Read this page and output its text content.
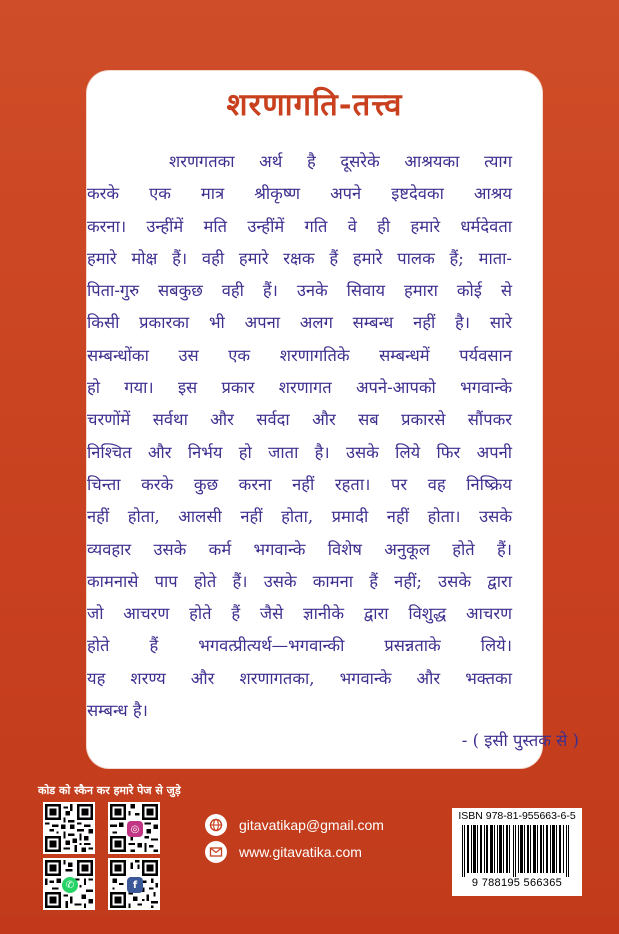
शरणागति-तत्त्व
शरणगतका अर्थ है दूसरेके आश्रयका त्याग
करके एक मात्र श्रीकृष्ण अपने इष्टदेवका आश्रय
करना। उन्हींमें मति उन्हींमें गति वे ही हमारे धर्मदेवता
हमारे मोक्ष हैं। वही हमारे रक्षक हैं हमारे पालक हैं; माता-
पिता-गुरु सबकुछ वही हैं। उनके सिवाय हमारा कोई से
किसी प्रकारका भी अपना अलग सम्बन्ध नहीं है। सारे
सम्बन्धोंका उस एक शरणागतिके सम्बन्धमें पर्यवसान
हो गया। इस प्रकार शरणागत अपने-आपको भगवान्के
चरणोंमें सर्वथा और सर्वदा और सब प्रकारसे सौंपकर
निश्चित और निर्भय हो जाता है। उसके लिये फिर अपनी
चिन्ता करके कुछ करना नहीं रहता। पर वह निष्क्रिय
नहीं होता, आलसी नहीं होता, प्रमादी नहीं होता। उसके
व्यवहार उसके कर्म भगवान्के विशेष अनुकूल होते हैं।
कामनासे पाप होते हैं। उसके कामना हैं नहीं; उसके द्वारा
जो आचरण होते हैं जैसे ज्ञानीके द्वारा विशुद्ध आचरण
होते हैं भगवत्प्रीत्यर्थ—भगवान्की प्रसन्नताके लिये।
यह शरण्य और शरणागतका, भगवान्के और भक्तका
सम्बन्ध है।
- ( इसी पुस्तक से )
कोड को स्कैन कर हमारे पेज से जुड़े
◎
✆	f
gitavatikap@gmail.com
www.gitavatika.com
ISBN 978-81-955663-6-5
9 788195 566365
